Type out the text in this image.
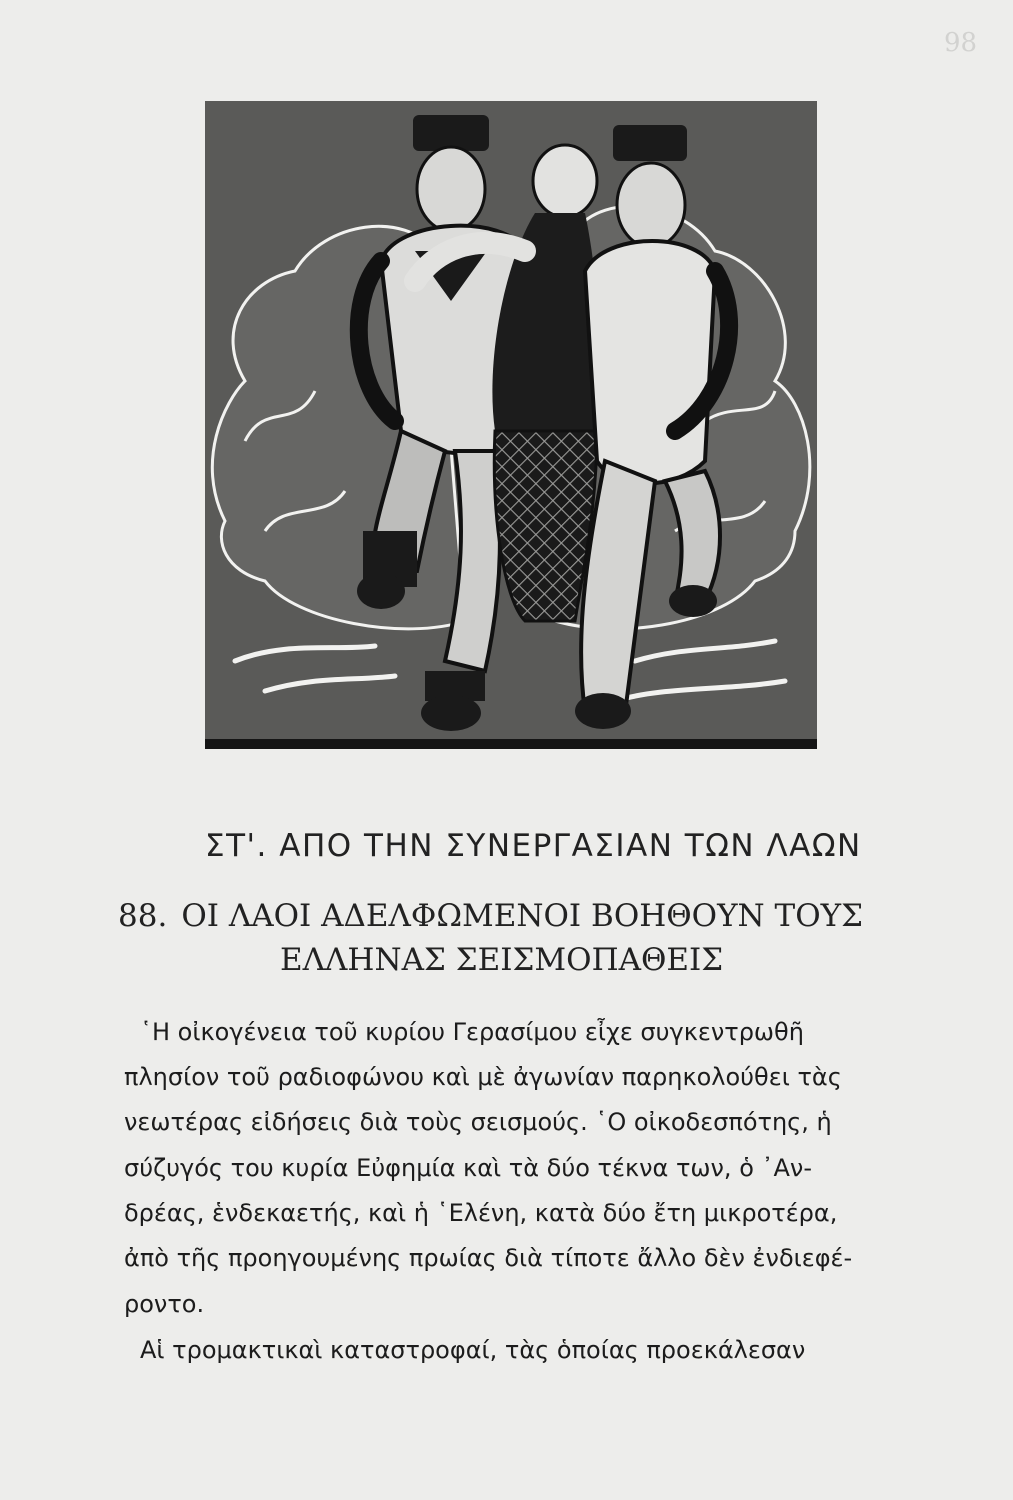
98
ΣΤ'. ΑΠΟ ΤΗΝ ΣΥΝΕΡΓΑΣΙΑΝ ΤΩΝ ΛΑΩΝ
88. ΟΙ ΛΑΟΙ ΑΔΕΛΦΩΜΕΝΟΙ ΒΟΗΘΟΥΝ ΤΟΥΣ
ΕΛΛΗΝΑΣ ΣΕΙΣΜΟΠΑΘΕΙΣ
῾Η οἰκογένεια τοῦ κυρίου Γερασίμου εἶχε συγκεντρωθῆ
πλησίον τοῦ ραδιοφώνου καὶ μὲ ἀγωνίαν παρηκολούθει τὰς
νεωτέρας εἰδήσεις διὰ τοὺς σεισμούς. ῾Ο οἰκοδεσπότης, ἡ
σύζυγός του κυρία Εὐφημία καὶ τὰ δύο τέκνα των, ὁ ᾿Αν-
δρέας, ἑνδεκαετής, καὶ ἡ ῾Ελένη, κατὰ δύο ἔτη μικροτέρα,
ἀπὸ τῆς προηγουμένης πρωίας διὰ τίποτε ἄλλο δὲν ἐνδιεφέ-
ροντο.
Αἱ τρομακτικαὶ καταστροφαί, τὰς ὁποίας προεκάλεσαν
